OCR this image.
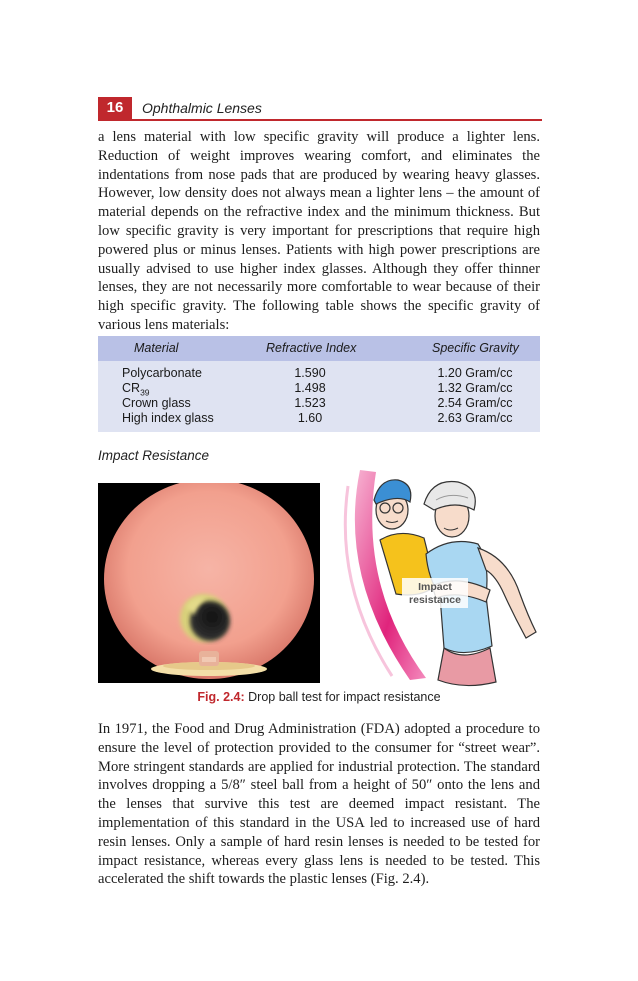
16	Ophthalmic Lenses

a lens material with low specific gravity will produce a lighter lens. Reduction of weight improves wearing comfort, and eliminates the indentations from nose pads that are produced by wearing heavy glasses. However, low density does not always mean a lighter lens – the amount of material depends on the refractive index and the minimum thickness. But low specific gravity is very important for prescriptions that require high powered plus or minus lenses. Patients with high power prescriptions are usually advised to use higher index glasses. Although they offer thinner lenses, they are not necessarily more comfortable to wear because of their high specific gravity. The following table shows the specific gravity of various lens materials:

Material	Refractive Index	Specific Gravity
Polycarbonate	1.590	1.20 Gram/cc
$CR_{39}$	1.498	1.32 Gram/cc
Crown glass	1.523	2.54 Gram/cc
High index glass	1.60	2.63 Gram/cc
Impact Resistance
Impact
resistance
Fig. 2.4: Drop ball test for impact resistance

In 1971, the Food and Drug Administration (FDA) adopted a procedure to ensure the level of protection provided to the consumer for “street wear”. More stringent standards are applied for industrial protection. The standard involves dropping a 5/8″ steel ball from a height of 50″ onto the lens and the lenses that survive this test are deemed impact resistant. The implementation of this standard in the USA led to increased use of hard resin lenses. Only a sample of hard resin lenses is needed to be tested for impact resistance, whereas every glass lens is needed to be tested. This accelerated the shift towards the plastic lenses (Fig. 2.4).
